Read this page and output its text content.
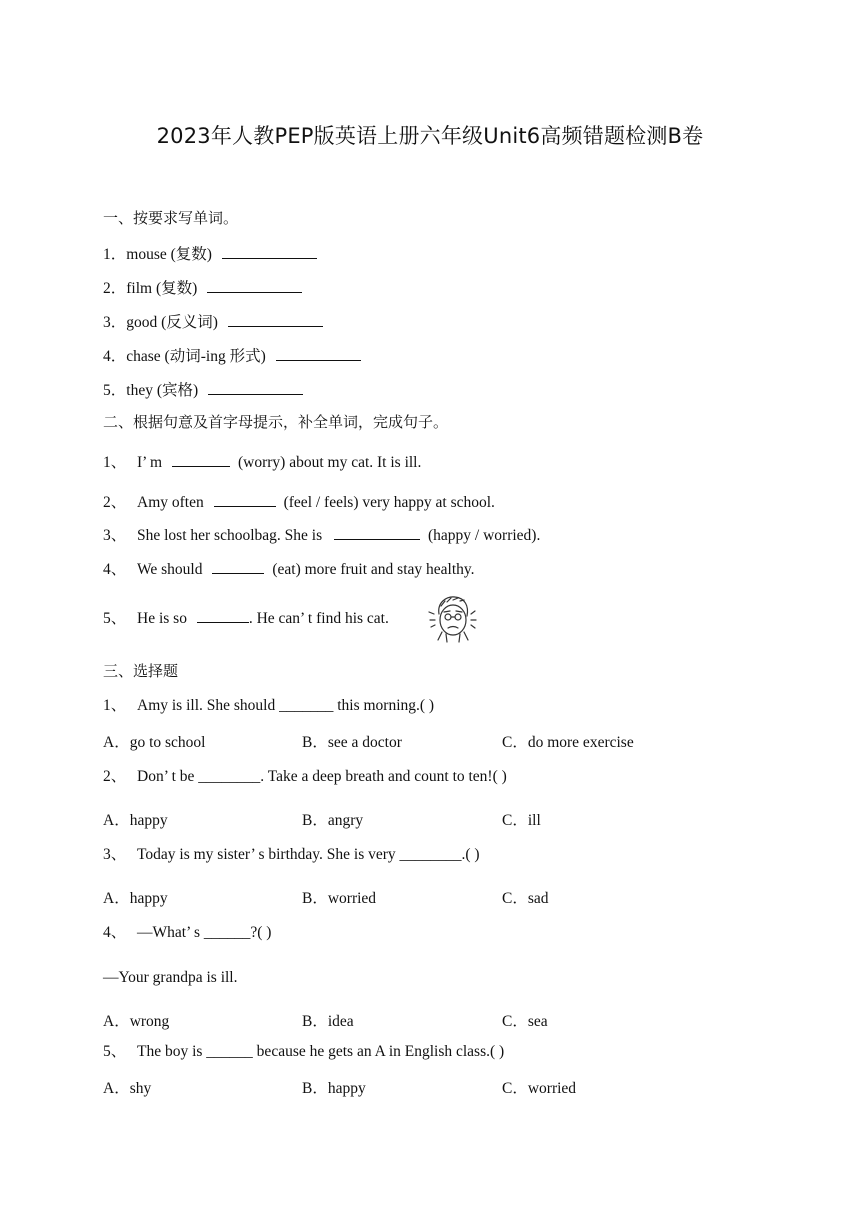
2023年人教PEP版英语上册六年级Unit6高频错题检测B卷
一、按要求写单词。
1．mouse (复数)
2．film (复数)
3．good (反义词)
4．chase (动词-ing 形式)
5．they (宾格)
二、根据句意及首字母提示，补全单词，完成句子。
1、 I’ m	(worry) about my cat. It is ill.
2、 Amy often	(feel / feels) very happy at school.
3、 She lost her schoolbag. She is	(happy / worried).
4、 We should	(eat) more fruit and stay healthy.
5、 He is so	. He can’ t find his cat.
三、选择题
1、 Amy is ill. She should _______ this morning.( )
A．go to school	B．see a doctor	C．do more exercise
2、 Don’ t be ________. Take a deep breath and count to ten!( )
A．happy	B．angry	C．ill
3、 Today is my sister’ s birthday. She is very ________.( )
A．happy	B．worried	C．sad
4、 —What’ s ______?( )
—Your grandpa is ill.
A．wrong	B．idea	C．sea
5、 The boy is ______ because he gets an A in English class.( )
A．shy	B．happy	C．worried
